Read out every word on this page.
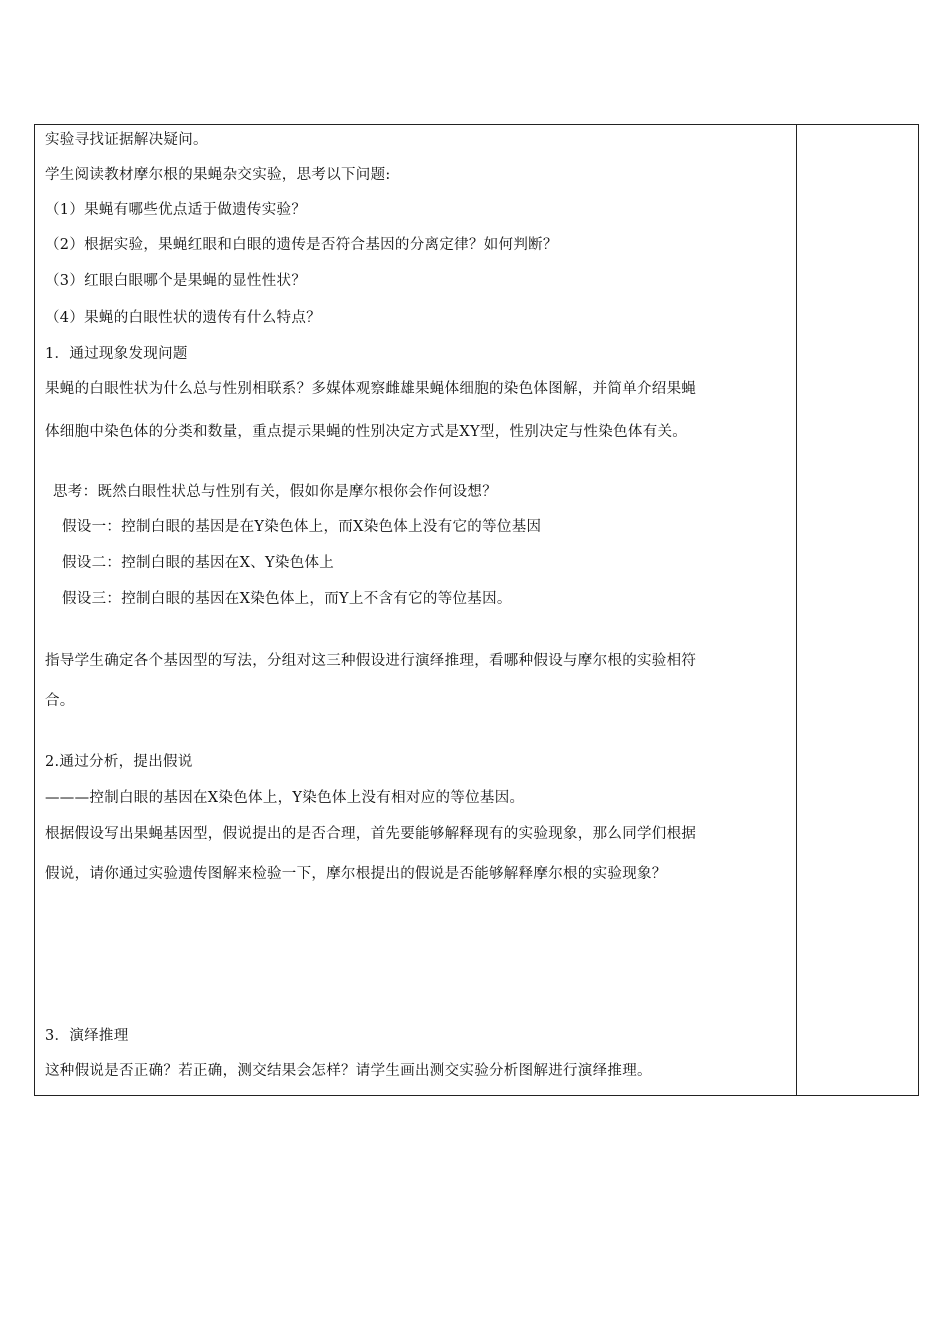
实验寻找证据解决疑问。
学生阅读教材摩尔根的果蝇杂交实验，思考以下问题:
（1）果蝇有哪些优点适于做遗传实验？
（2）根据实验，果蝇红眼和白眼的遗传是否符合基因的分离定律？如何判断？
（3）红眼白眼哪个是果蝇的显性性状？
（4）果蝇的白眼性状的遗传有什么特点？
1．通过现象发现问题
果蝇的白眼性状为什么总与性别相联系？多媒体观察雌雄果蝇体细胞的染色体图解，并简单介绍果蝇
体细胞中染色体的分类和数量，重点提示果蝇的性别决定方式是XY型，性别决定与性染色体有关。
思考：既然白眼性状总与性别有关，假如你是摩尔根你会作何设想？
假设一：控制白眼的基因是在Y染色体上，而X染色体上没有它的等位基因
假设二：控制白眼的基因在X、Y染色体上
假设三：控制白眼的基因在X染色体上，而Y上不含有它的等位基因。
指导学生确定各个基因型的写法，分组对这三种假设进行演绎推理，看哪种假设与摩尔根的实验相符
合。
2.通过分析，提出假说
———控制白眼的基因在X染色体上，Y染色体上没有相对应的等位基因。
根据假设写出果蝇基因型，假说提出的是否合理，首先要能够解释现有的实验现象，那么同学们根据
假说，请你通过实验遗传图解来检验一下，摩尔根提出的假说是否能够解释摩尔根的实验现象？
3．演绎推理
这种假说是否正确？若正确，测交结果会怎样？请学生画出测交实验分析图解进行演绎推理。
